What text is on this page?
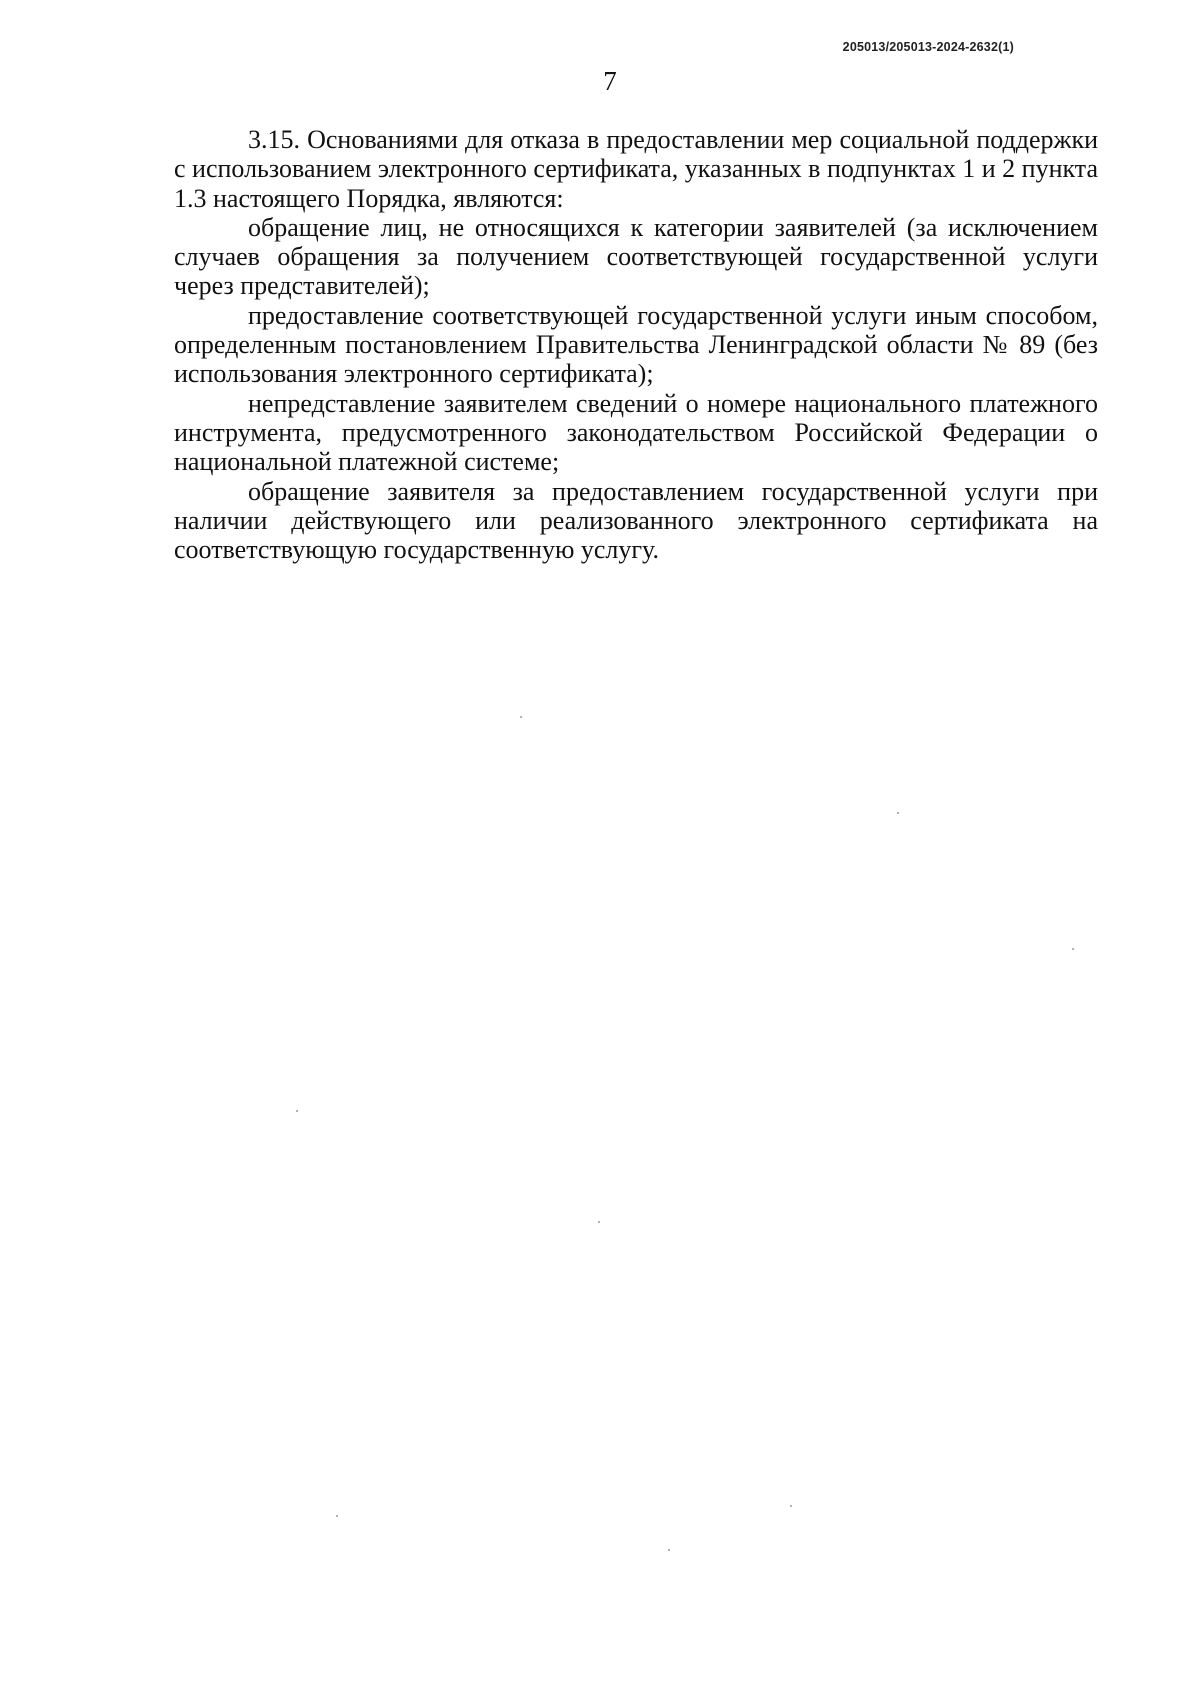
205013/205013-2024-2632(1)
7

3.15. Основаниями для отказа в предоставлении мер социальной поддержки с использованием электронного сертификата, указанных в подпунктах 1 и 2 пункта 1.3 настоящего Порядка, являются:

обращение лиц, не относящихся к категории заявителей (за исключением случаев обращения за получением соответствующей государственной услуги через представителей);

предоставление соответствующей государственной услуги иным способом, определенным постановлением Правительства Ленинградской области № 89 (без использования электронного сертификата);

непредставление заявителем сведений о номере национального платежного инструмента, предусмотренного законодательством Российской Федерации о национальной платежной системе;

обращение заявителя за предоставлением государственной услуги при наличии действующего или реализованного электронного сертификата на соответствующую государственную услугу.
